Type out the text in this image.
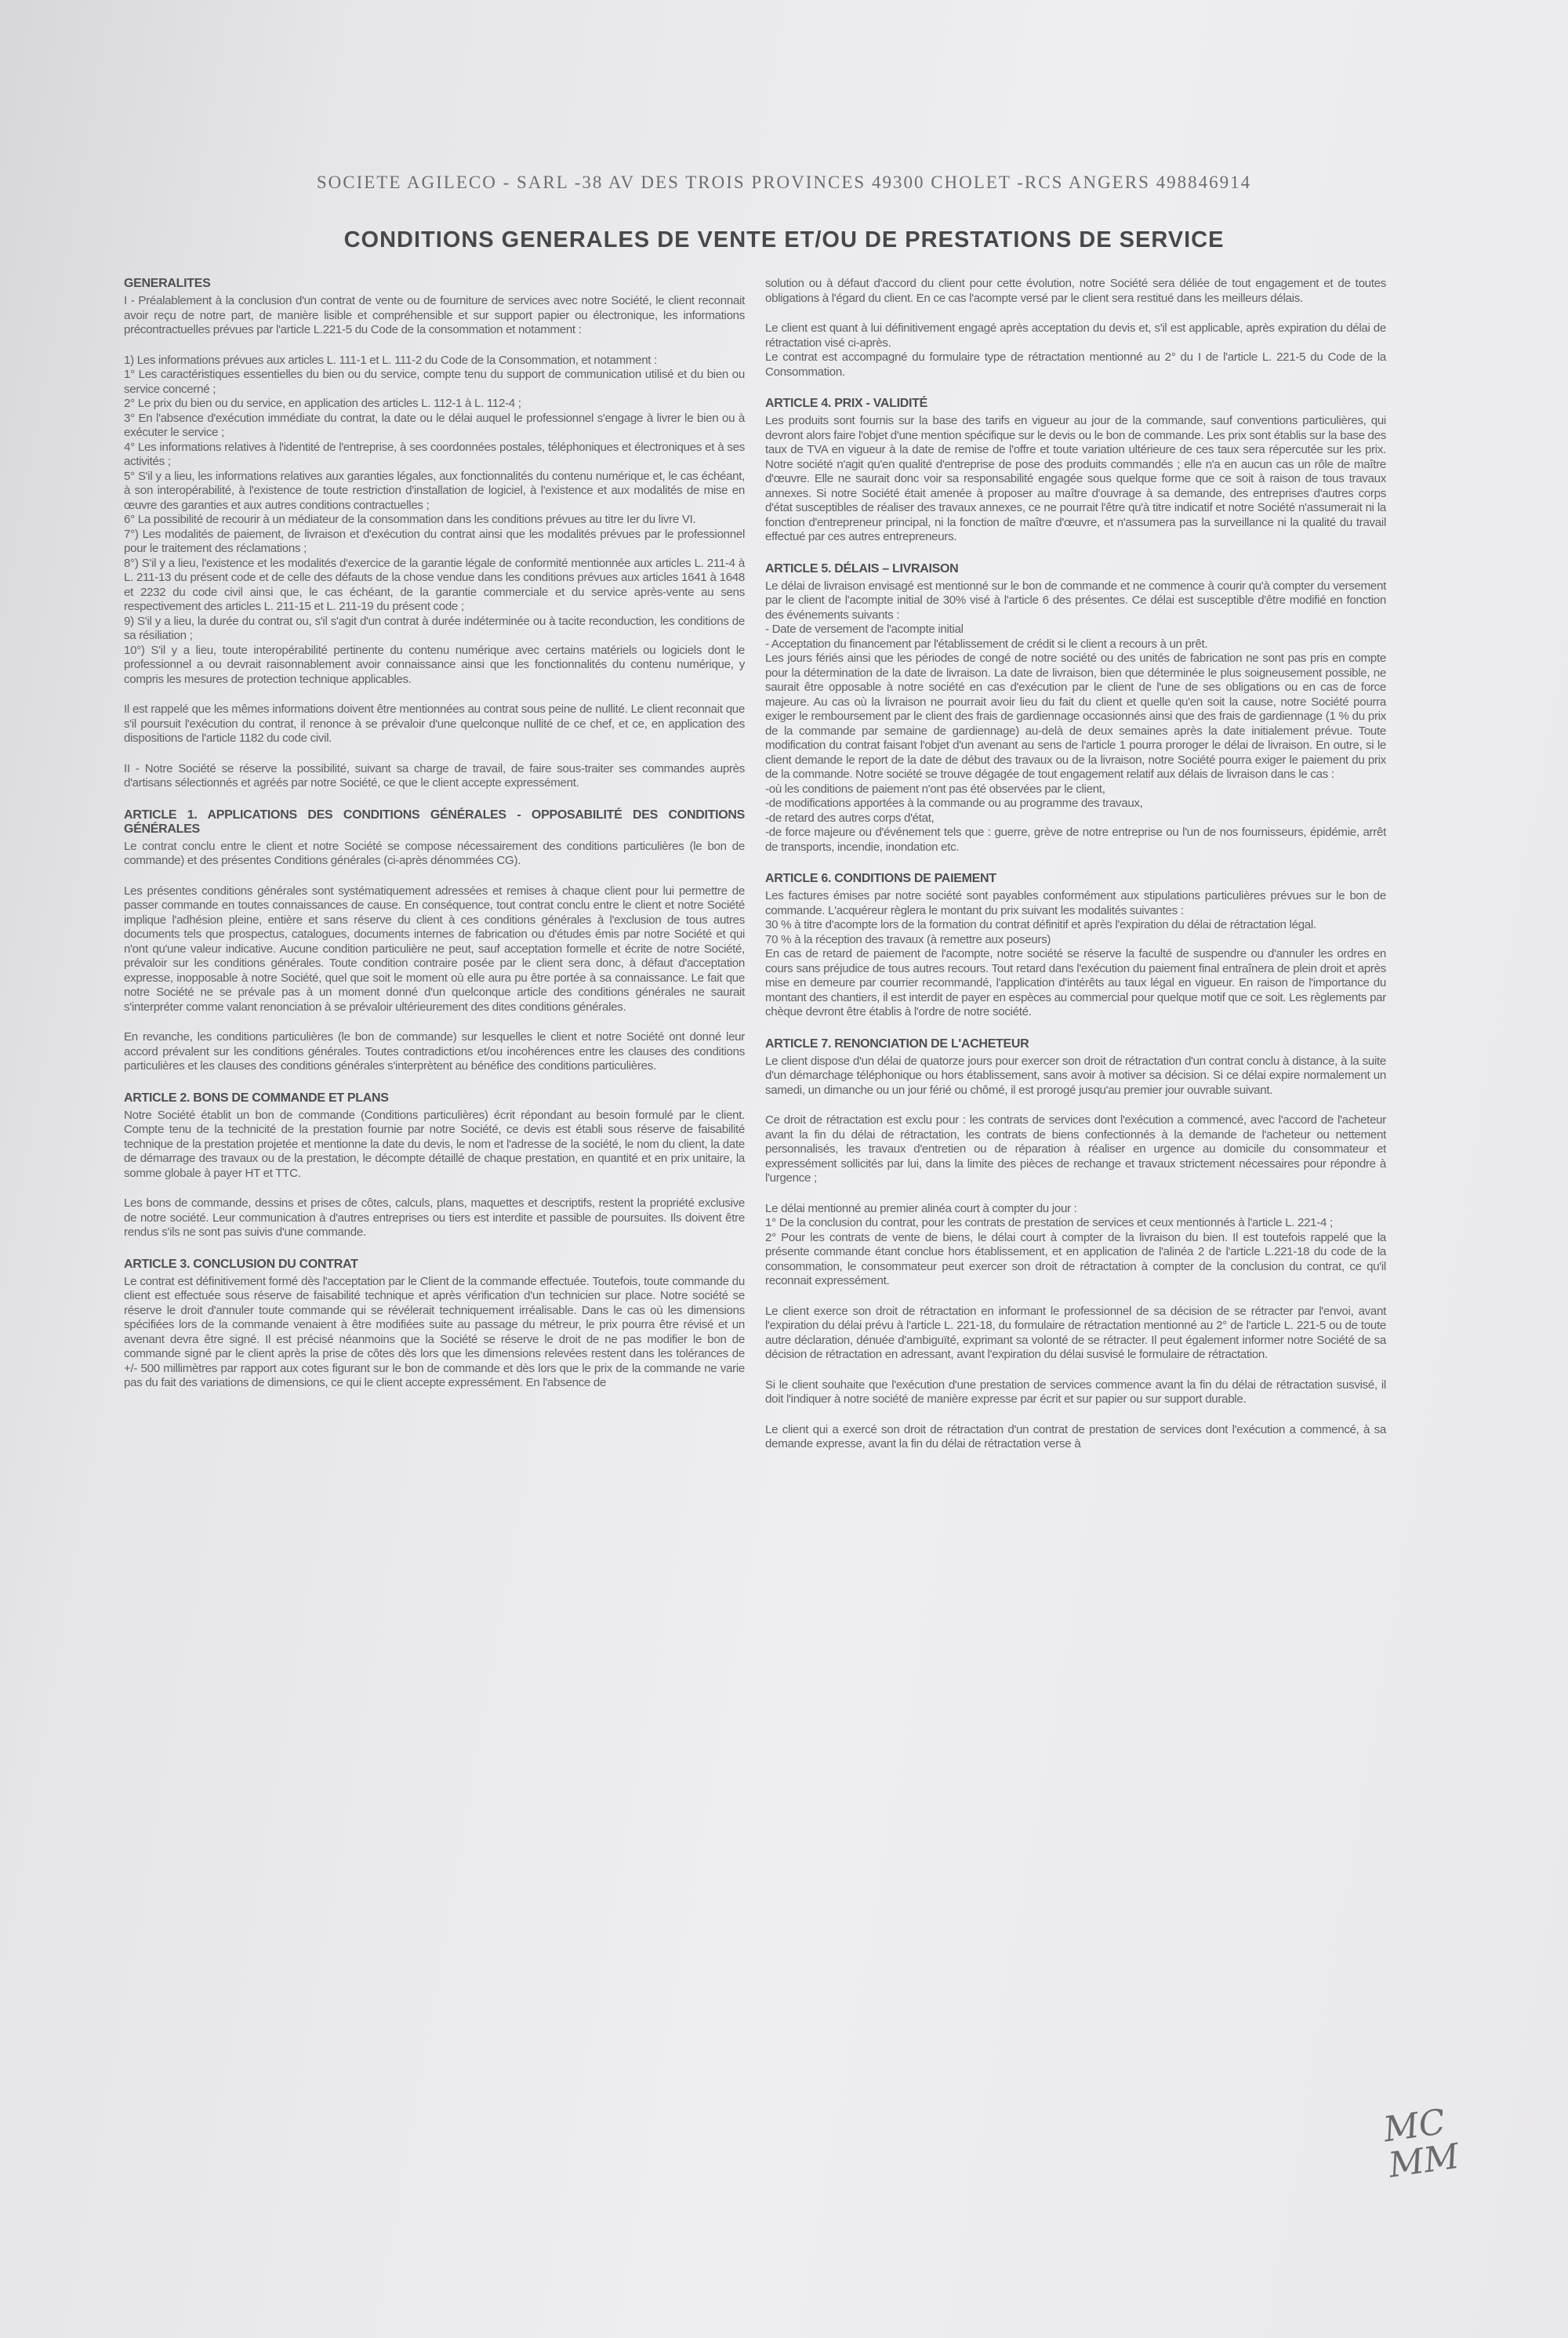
SOCIETE AGILECO - SARL -38 AV DES TROIS PROVINCES 49300 CHOLET -RCS ANGERS 498846914
CONDITIONS GENERALES DE VENTE ET/OU DE PRESTATIONS DE SERVICE
GENERALITES

I - Préalablement à la conclusion d'un contrat de vente ou de fourniture de services avec notre Société, le client reconnait avoir reçu de notre part, de manière lisible et compréhensible et sur support papier ou électronique, les informations précontractuelles prévues par l'article L.221-5 du Code de la consommation et notamment :

1) Les informations prévues aux articles L. 111-1 et L. 111-2 du Code de la Consommation, et notamment :
1° Les caractéristiques essentielles du bien ou du service, compte tenu du support de communication utilisé et du bien ou service concerné ;
2° Le prix du bien ou du service, en application des articles L. 112-1 à L. 112-4 ;
3° En l'absence d'exécution immédiate du contrat, la date ou le délai auquel le professionnel s'engage à livrer le bien ou à exécuter le service ;
4° Les informations relatives à l'identité de l'entreprise, à ses coordonnées postales, téléphoniques et électroniques et à ses activités ;
5° S'il y a lieu, les informations relatives aux garanties légales, aux fonctionnalités du contenu numérique et, le cas échéant, à son interopérabilité, à l'existence de toute restriction d'installation de logiciel, à l'existence et aux modalités de mise en œuvre des garanties et aux autres conditions contractuelles ;
6° La possibilité de recourir à un médiateur de la consommation dans les conditions prévues au titre Ier du livre VI.
7°) Les modalités de paiement, de livraison et d'exécution du contrat ainsi que les modalités prévues par le professionnel pour le traitement des réclamations ;
8°) S'il y a lieu, l'existence et les modalités d'exercice de la garantie légale de conformité mentionnée aux articles L. 211-4 à L. 211-13 du présent code et de celle des défauts de la chose vendue dans les conditions prévues aux articles 1641 à 1648 et 2232 du code civil ainsi que, le cas échéant, de la garantie commerciale et du service après-vente au sens respectivement des articles L. 211-15 et L. 211-19 du présent code ;
9) S'il y a lieu, la durée du contrat ou, s'il s'agit d'un contrat à durée indéterminée ou à tacite reconduction, les conditions de sa résiliation ;
10°) S'il y a lieu, toute interopérabilité pertinente du contenu numérique avec certains matériels ou logiciels dont le professionnel a ou devrait raisonnablement avoir connaissance ainsi que les fonctionnalités du contenu numérique, y compris les mesures de protection technique applicables.

Il est rappelé que les mêmes informations doivent être mentionnées au contrat sous peine de nullité. Le client reconnait que s'il poursuit l'exécution du contrat, il renonce à se prévaloir d'une quelconque nullité de ce chef, et ce, en application des dispositions de l'article 1182 du code civil.

II - Notre Société se réserve la possibilité, suivant sa charge de travail, de faire sous-traiter ses commandes auprès d'artisans sélectionnés et agréés par notre Société, ce que le client accepte expressément.

ARTICLE 1. APPLICATIONS DES CONDITIONS GÉNÉRALES - OPPOSABILITÉ DES CONDITIONS GÉNÉRALES

Le contrat conclu entre le client et notre Société se compose nécessairement des conditions particulières (le bon de commande) et des présentes Conditions générales (ci-après dénommées CG).

Les présentes conditions générales sont systématiquement adressées et remises à chaque client pour lui permettre de passer commande en toutes connaissances de cause. En conséquence, tout contrat conclu entre le client et notre Société implique l'adhésion pleine, entière et sans réserve du client à ces conditions générales à l'exclusion de tous autres documents tels que prospectus, catalogues, documents internes de fabrication ou d'études émis par notre Société et qui n'ont qu'une valeur indicative. Aucune condition particulière ne peut, sauf acceptation formelle et écrite de notre Société, prévaloir sur les conditions générales. Toute condition contraire posée par le client sera donc, à défaut d'acceptation expresse, inopposable à notre Société, quel que soit le moment où elle aura pu être portée à sa connaissance. Le fait que notre Société ne se prévale pas à un moment donné d'un quelconque article des conditions générales ne saurait s'interpréter comme valant renonciation à se prévaloir ultérieurement des dites conditions générales.

En revanche, les conditions particulières (le bon de commande) sur lesquelles le client et notre Société ont donné leur accord prévalent sur les conditions générales. Toutes contradictions et/ou incohérences entre les clauses des conditions particulières et les clauses des conditions générales s'interprètent au bénéfice des conditions particulières.

ARTICLE 2. BONS DE COMMANDE ET PLANS

Notre Société établit un bon de commande (Conditions particulières) écrit répondant au besoin formulé par le client. Compte tenu de la technicité de la prestation fournie par notre Société, ce devis est établi sous réserve de faisabilité technique de la prestation projetée et mentionne la date du devis, le nom et l'adresse de la société, le nom du client, la date de démarrage des travaux ou de la prestation, le décompte détaillé de chaque prestation, en quantité et en prix unitaire, la somme globale à payer HT et TTC.

Les bons de commande, dessins et prises de côtes, calculs, plans, maquettes et descriptifs, restent la propriété exclusive de notre société. Leur communication à d'autres entreprises ou tiers est interdite et passible de poursuites. Ils doivent être rendus s'ils ne sont pas suivis d'une commande.

ARTICLE 3. CONCLUSION DU CONTRAT

Le contrat est définitivement formé dès l'acceptation par le Client de la commande effectuée. Toutefois, toute commande du client est effectuée sous réserve de faisabilité technique et après vérification d'un technicien sur place. Notre société se réserve le droit d'annuler toute commande qui se révélerait techniquement irréalisable. Dans le cas où les dimensions spécifiées lors de la commande venaient à être modifiées suite au passage du métreur, le prix pourra être révisé et un avenant devra être signé. Il est précisé néanmoins que la Société se réserve le droit de ne pas modifier le bon de commande signé par le client après la prise de côtes dès lors que les dimensions relevées restent dans les tolérances de +/- 500 millimètres par rapport aux cotes figurant sur le bon de commande et dès lors que le prix de la commande ne varie pas du fait des variations de dimensions, ce qui le client accepte expressément. En l'absence de

solution ou à défaut d'accord du client pour cette évolution, notre Société sera déliée de tout engagement et de toutes obligations à l'égard du client. En ce cas l'acompte versé par le client sera restitué dans les meilleurs délais.

Le client est quant à lui définitivement engagé après acceptation du devis et, s'il est applicable, après expiration du délai de rétractation visé ci-après.
Le contrat est accompagné du formulaire type de rétractation mentionné au 2° du I de l'article L. 221-5 du Code de la Consommation.

ARTICLE 4. PRIX - VALIDITÉ

Les produits sont fournis sur la base des tarifs en vigueur au jour de la commande, sauf conventions particulières, qui devront alors faire l'objet d'une mention spécifique sur le devis ou le bon de commande. Les prix sont établis sur la base des taux de TVA en vigueur à la date de remise de l'offre et toute variation ultérieure de ces taux sera répercutée sur les prix. Notre société n'agit qu'en qualité d'entreprise de pose des produits commandés ; elle n'a en aucun cas un rôle de maître d'œuvre. Elle ne saurait donc voir sa responsabilité engagée sous quelque forme que ce soit à raison de tous travaux annexes. Si notre Société était amenée à proposer au maître d'ouvrage à sa demande, des entreprises d'autres corps d'état susceptibles de réaliser des travaux annexes, ce ne pourrait l'être qu'à titre indicatif et notre Société n'assumerait ni la fonction d'entrepreneur principal, ni la fonction de maître d'œuvre, et n'assumera pas la surveillance ni la qualité du travail effectué par ces autres entrepreneurs.

ARTICLE 5. DÉLAIS – LIVRAISON

Le délai de livraison envisagé est mentionné sur le bon de commande et ne commence à courir qu'à compter du versement par le client de l'acompte initial de 30% visé à l'article 6 des présentes. Ce délai est susceptible d'être modifié en fonction des événements suivants :
- Date de versement de l'acompte initial
- Acceptation du financement par l'établissement de crédit si le client a recours à un prêt.
Les jours fériés ainsi que les périodes de congé de notre société ou des unités de fabrication ne sont pas pris en compte pour la détermination de la date de livraison. La date de livraison, bien que déterminée le plus soigneusement possible, ne saurait être opposable à notre société en cas d'exécution par le client de l'une de ses obligations ou en cas de force majeure. Au cas où la livraison ne pourrait avoir lieu du fait du client et quelle qu'en soit la cause, notre Société pourra exiger le remboursement par le client des frais de gardiennage occasionnés ainsi que des frais de gardiennage (1 % du prix de la commande par semaine de gardiennage) au-delà de deux semaines après la date initialement prévue. Toute modification du contrat faisant l'objet d'un avenant au sens de l'article 1 pourra proroger le délai de livraison. En outre, si le client demande le report de la date de début des travaux ou de la livraison, notre Société pourra exiger le paiement du prix de la commande. Notre société se trouve dégagée de tout engagement relatif aux délais de livraison dans le cas :
-où les conditions de paiement n'ont pas été observées par le client,
-de modifications apportées à la commande ou au programme des travaux,
-de retard des autres corps d'état,
-de force majeure ou d'événement tels que : guerre, grève de notre entreprise ou l'un de nos fournisseurs, épidémie, arrêt de transports, incendie, inondation etc.

ARTICLE 6. CONDITIONS DE PAIEMENT

Les factures émises par notre société sont payables conformément aux stipulations particulières prévues sur le bon de commande. L'acquéreur règlera le montant du prix suivant les modalités suivantes :
30 % à titre d'acompte lors de la formation du contrat définitif et après l'expiration du délai de rétractation légal.
70 % à la réception des travaux (à remettre aux poseurs)
En cas de retard de paiement de l'acompte, notre société se réserve la faculté de suspendre ou d'annuler les ordres en cours sans préjudice de tous autres recours. Tout retard dans l'exécution du paiement final entraînera de plein droit et après mise en demeure par courrier recommandé, l'application d'intérêts au taux légal en vigueur. En raison de l'importance du montant des chantiers, il est interdit de payer en espèces au commercial pour quelque motif que ce soit. Les règlements par chèque devront être établis à l'ordre de notre société.

ARTICLE 7. RENONCIATION DE L'ACHETEUR

Le client dispose d'un délai de quatorze jours pour exercer son droit de rétractation d'un contrat conclu à distance, à la suite d'un démarchage téléphonique ou hors établissement, sans avoir à motiver sa décision. Si ce délai expire normalement un samedi, un dimanche ou un jour férié ou chômé, il est prorogé jusqu'au premier jour ouvrable suivant.

Ce droit de rétractation est exclu pour : les contrats de services dont l'exécution a commencé, avec l'accord de l'acheteur avant la fin du délai de rétractation, les contrats de biens confectionnés à la demande de l'acheteur ou nettement personnalisés, les travaux d'entretien ou de réparation à réaliser en urgence au domicile du consommateur et expressément sollicités par lui, dans la limite des pièces de rechange et travaux strictement nécessaires pour répondre à l'urgence ;

Le délai mentionné au premier alinéa court à compter du jour :
1° De la conclusion du contrat, pour les contrats de prestation de services et ceux mentionnés à l'article L. 221-4 ;
2° Pour les contrats de vente de biens, le délai court à compter de la livraison du bien. Il est toutefois rappelé que la présente commande étant conclue hors établissement, et en application de l'alinéa 2 de l'article L.221-18 du code de la consommation, le consommateur peut exercer son droit de rétractation à compter de la conclusion du contrat, ce qu'il reconnait expressément.

Le client exerce son droit de rétractation en informant le professionnel de sa décision de se rétracter par l'envoi, avant l'expiration du délai prévu à l'article L. 221-18, du formulaire de rétractation mentionné au 2° de l'article L. 221-5 ou de toute autre déclaration, dénuée d'ambiguïté, exprimant sa volonté de se rétracter. Il peut également informer notre Société de sa décision de rétractation en adressant, avant l'expiration du délai susvisé le formulaire de rétractation.

Si le client souhaite que l'exécution d'une prestation de services commence avant la fin du délai de rétractation susvisé, il doit l'indiquer à notre société de manière expresse par écrit et sur papier ou sur support durable.

Le client qui a exercé son droit de rétractation d'un contrat de prestation de services dont l'exécution a commencé, à sa demande expresse, avant la fin du délai de rétractation verse à

MC
MM
